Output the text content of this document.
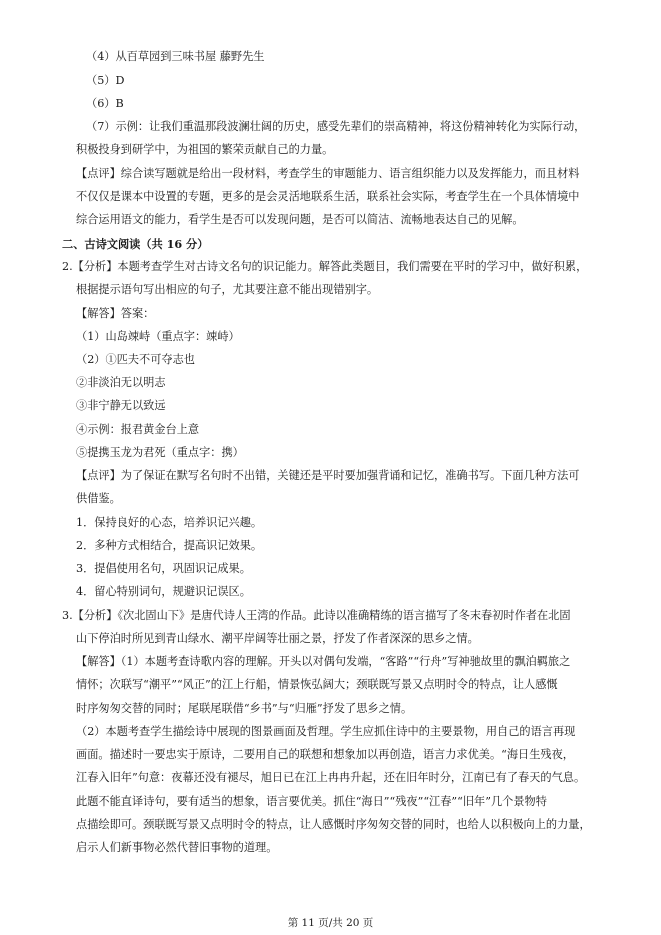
（4）从百草园到三味书屋 藤野先生
（5）D
（6）B
（7）示例：让我们重温那段波澜壮阔的历史，感受先辈们的崇高精神，将这份精神转化为实际行动，
积极投身到研学中，为祖国的繁荣贡献自己的力量。
【点评】综合读写题就是给出一段材料，考查学生的审题能力、语言组织能力以及发挥能力，而且材料
不仅仅是课本中设置的专题，更多的是会灵活地联系生活，联系社会实际，考查学生在一个具体情境中
综合运用语文的能力，看学生是否可以发现问题，是否可以简洁、流畅地表达自己的见解。
二、古诗文阅读（共 16 分）
2.【分析】本题考查学生对古诗文名句的识记能力。解答此类题目，我们需要在平时的学习中，做好积累，
根据提示语句写出相应的句子，尤其要注意不能出现错别字。
【解答】答案：
（1）山岛竦峙（重点字：竦峙）
（2）①匹夫不可夺志也
②非淡泊无以明志
③非宁静无以致远
④示例：报君黄金台上意
⑤提携玉龙为君死（重点字：携）
【点评】为了保证在默写名句时不出错，关键还是平时要加强背诵和记忆，准确书写。下面几种方法可
供借鉴。
1．保持良好的心态，培养识记兴趣。
2．多种方式相结合，提高识记效果。
3．提倡使用名句，巩固识记成果。
4．留心特别词句，规避识记误区。
3.【分析】《次北固山下》是唐代诗人王湾的作品。此诗以准确精练的语言描写了冬末春初时作者在北固
山下停泊时所见到青山绿水、潮平岸阔等壮丽之景，抒发了作者深深的思乡之情。
【解答】（1）本题考查诗歌内容的理解。开头以对偶句发端，“客路”“行舟”写神驰故里的飘泊羁旅之
情怀；次联写“潮平”“风正”的江上行船，情景恢弘阔大；颈联既写景又点明时令的特点，让人感慨
时序匆匆交替的同时；尾联尾联借“乡书”与“归雁”抒发了思乡之情。
（2）本题考查学生描绘诗中展现的图景画面及哲理。学生应抓住诗中的主要景物，用自己的语言再现
画面。描述时一要忠实于原诗，二要用自己的联想和想象加以再创造，语言力求优美。“海日生残夜，
江春入旧年”句意：夜幕还没有褪尽，旭日已在江上冉冉升起，还在旧年时分，江南已有了春天的气息。
此题不能直译诗句，要有适当的想象，语言要优美。抓住“海日”“残夜”“江春”“旧年”几个景物特
点描绘即可。颈联既写景又点明时令的特点，让人感慨时序匆匆交替的同时，也给人以积极向上的力量，
启示人们新事物必然代替旧事物的道理。
第 11 页/共 20 页
